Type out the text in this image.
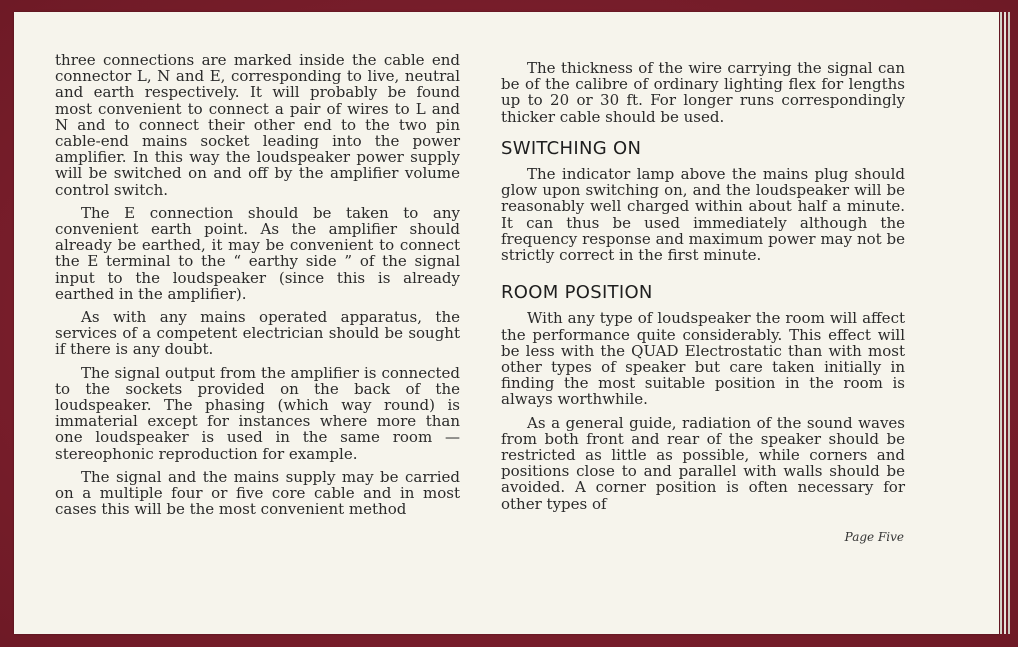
three connections are marked inside the cable end connector L, N and E, corresponding to live, neutral and earth respectively. It will probably be found most convenient to connect a pair of wires to L and N and to connect their other end to the two pin cable-end mains socket leading into the power amplifier. In this way the loudspeaker power supply will be switched on and off by the amplifier volume control switch.

The E connection should be taken to any convenient earth point. As the amplifier should already be earthed, it may be convenient to connect the E terminal to the “ earthy side ” of the signal input to the loudspeaker (since this is already earthed in the amplifier).

As with any mains operated apparatus, the services of a competent electrician should be sought if there is any doubt.

The signal output from the amplifier is connected to the sockets provided on the back of the loudspeaker. The phasing (which way round) is immaterial except for instances where more than one loudspeaker is used in the same room — stereophonic reproduction for example.

The signal and the mains supply may be carried on a multiple four or five core cable and in most cases this will be the most convenient method

The thickness of the wire carrying the signal can be of the calibre of ordinary lighting flex for lengths up to 20 or 30 ft. For longer runs correspondingly thicker cable should be used.

SWITCHING ON

The indicator lamp above the mains plug should glow upon switching on, and the loudspeaker will be reasonably well charged within about half a minute. It can thus be used immediately although the frequency response and maximum power may not be strictly correct in the first minute.

ROOM POSITION

With any type of loudspeaker the room will affect the performance quite considerably. This effect will be less with the QUAD Electrostatic than with most other types of speaker but care taken initially in finding the most suitable position in the room is always worthwhile.

As a general guide, radiation of the sound waves from both front and rear of the speaker should be restricted as little as possible, while corners and positions close to and parallel with walls should be avoided. A corner position is often necessary for other types of

Page Five
